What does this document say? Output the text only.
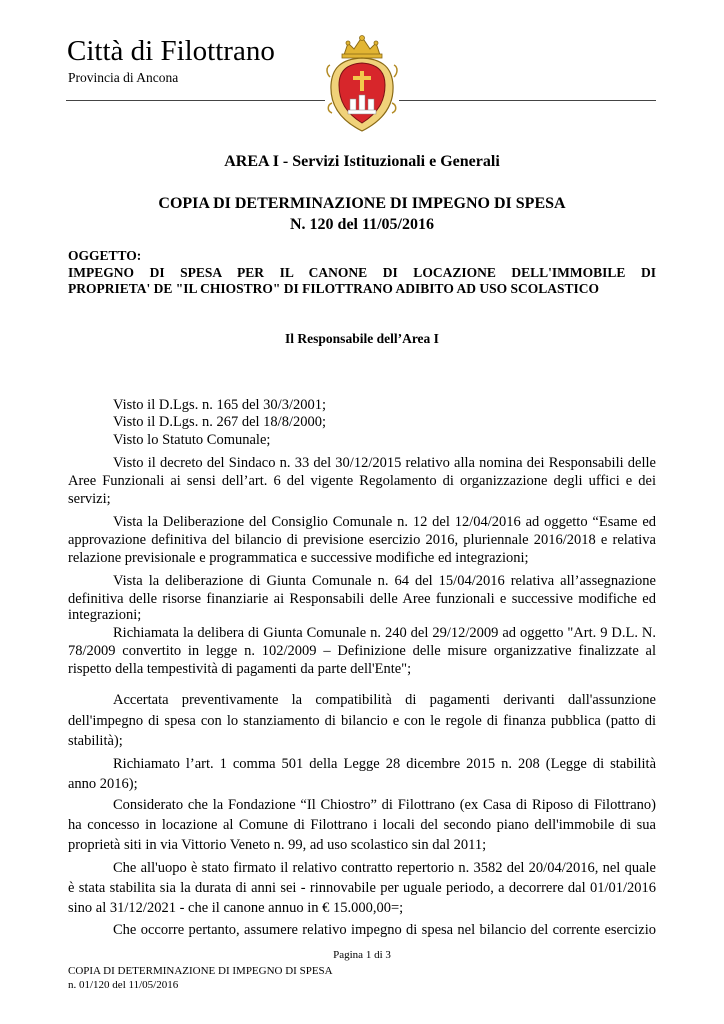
Città di Filottrano
Provincia di Ancona
AREA I - Servizi Istituzionali e Generali
COPIA DI DETERMINAZIONE DI IMPEGNO DI SPESA
N. 120 del 11/05/2016
OGGETTO:
IMPEGNO DI SPESA PER IL CANONE DI LOCAZIONE DELL'IMMOBILE DI
PROPRIETA' DE "IL CHIOSTRO" DI FILOTTRANO ADIBITO AD USO SCOLASTICO
Il Responsabile dell’Area I
Visto il D.Lgs. n. 165 del 30/3/2001;
Visto il D.Lgs. n. 267 del 18/8/2000;
Visto lo Statuto Comunale;
Visto il decreto del Sindaco n. 33 del 30/12/2015 relativo alla nomina dei Responsabili delle
Aree Funzionali ai sensi dell’art. 6 del vigente Regolamento di organizzazione degli uffici e dei
servizi;
Vista la Deliberazione del Consiglio Comunale n. 12 del 12/04/2016 ad oggetto “Esame ed
approvazione definitiva del bilancio di previsione esercizio 2016, pluriennale 2016/2018 e relativa
relazione previsionale e programmatica e successive modifiche ed integrazioni;
Vista la deliberazione di Giunta Comunale n. 64 del 15/04/2016 relativa all’assegnazione
definitiva delle risorse finanziarie ai Responsabili delle Aree funzionali e successive modifiche ed
integrazioni;
Richiamata la delibera di Giunta Comunale n. 240 del 29/12/2009 ad oggetto "Art. 9 D.L. N.
78/2009 convertito in legge n. 102/2009 – Definizione delle misure organizzative finalizzate al
rispetto della tempestività di pagamenti da parte dell'Ente";
Accertata preventivamente la compatibilità di pagamenti derivanti dall'assunzione
dell'impegno di spesa con lo stanziamento di bilancio e con le regole di finanza pubblica (patto di
stabilità);
Richiamato l’art. 1 comma 501 della Legge 28 dicembre 2015 n. 208 (Legge di stabilità
anno 2016);
Considerato che la Fondazione “Il Chiostro” di Filottrano (ex Casa di Riposo di Filottrano)
ha concesso in locazione al Comune di Filottrano i locali del secondo piano dell'immobile di sua
proprietà siti in via Vittorio Veneto n. 99, ad uso scolastico sin dal 2011;
Che all'uopo è stato firmato il relativo contratto repertorio n. 3582 del 20/04/2016, nel quale
è stata stabilita sia la durata di anni sei - rinnovabile per uguale periodo, a decorrere dal 01/01/2016
sino al 31/12/2021 - che il canone annuo in € 15.000,00=;
Che occorre pertanto, assumere relativo impegno di spesa nel bilancio del corrente esercizio
Pagina 1 di 3
COPIA DI DETERMINAZIONE DI IMPEGNO DI SPESA
n. 01/120 del 11/05/2016
